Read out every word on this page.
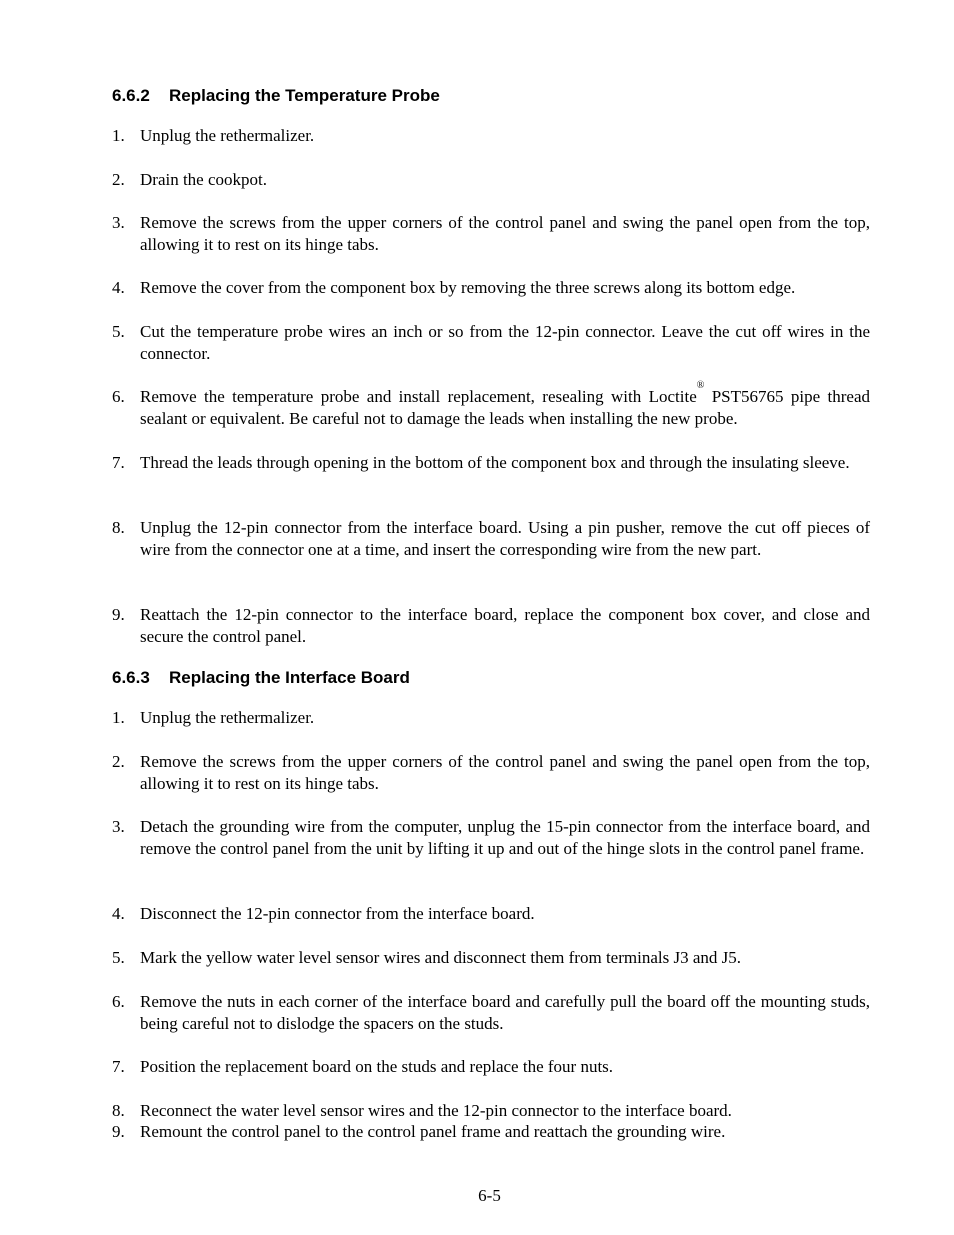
6.6.2 Replacing the Temperature Probe
1. Unplug the rethermalizer.
2. Drain the cookpot.
3. Remove the screws from the upper corners of the control panel and swing the panel open from the top, allowing it to rest on its hinge tabs.
4. Remove the cover from the component box by removing the three screws along its bottom edge.
5. Cut the temperature probe wires an inch or so from the 12-pin connector. Leave the cut off wires in the connector.
6. Remove the temperature probe and install replacement, resealing with Loctite® PST56765 pipe thread sealant or equivalent. Be careful not to damage the leads when installing the new probe.
7. Thread the leads through opening in the bottom of the component box and through the insulating sleeve.
8. Unplug the 12-pin connector from the interface board. Using a pin pusher, remove the cut off pieces of wire from the connector one at a time, and insert the corresponding wire from the new part.
9. Reattach the 12-pin connector to the interface board, replace the component box cover, and close and secure the control panel.
6.6.3 Replacing the Interface Board
1. Unplug the rethermalizer.
2. Remove the screws from the upper corners of the control panel and swing the panel open from the top, allowing it to rest on its hinge tabs.
3. Detach the grounding wire from the computer, unplug the 15-pin connector from the interface board, and remove the control panel from the unit by lifting it up and out of the hinge slots in the control panel frame.
4. Disconnect the 12-pin connector from the interface board.
5. Mark the yellow water level sensor wires and disconnect them from terminals J3 and J5.
6. Remove the nuts in each corner of the interface board and carefully pull the board off the mounting studs, being careful not to dislodge the spacers on the studs.
7. Position the replacement board on the studs and replace the four nuts.
8. Reconnect the water level sensor wires and the 12-pin connector to the interface board.
9. Remount the control panel to the control panel frame and reattach the grounding wire.
6-5
